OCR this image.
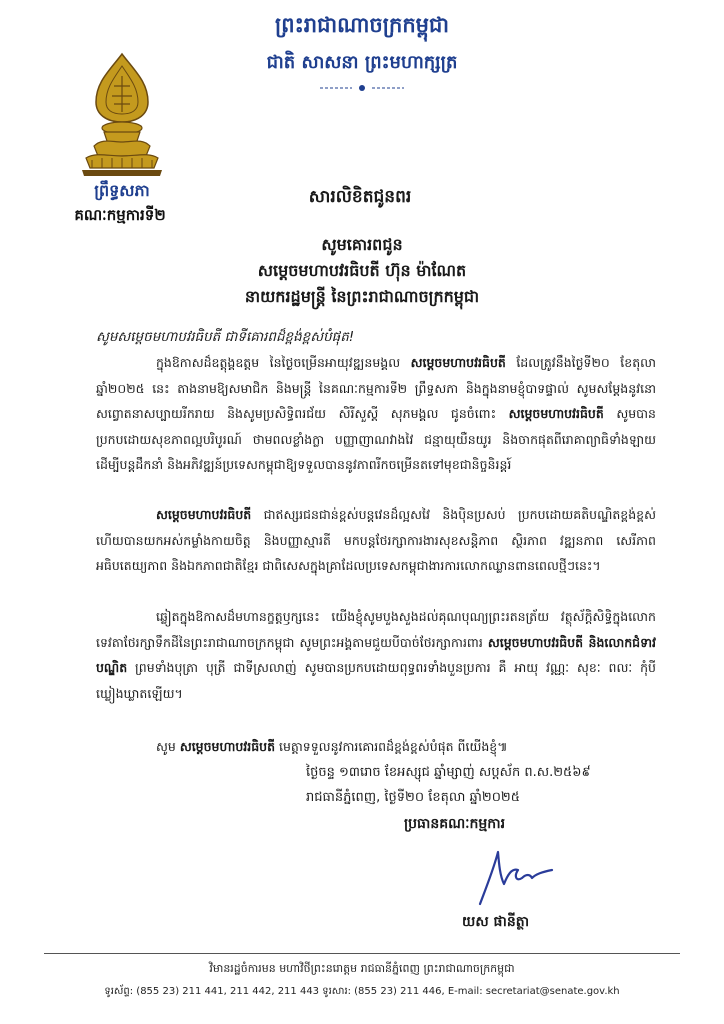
ព្រះរាជាណាចក្រកម្ពុជា
ជាតិ សាសនា ព្រះមហាក្សត្រ
ព្រឹទ្ធសភា
គណៈកម្មការទី២
សារលិខិតជូនពរ
សូមគោរពជូន
សម្ដេចមហាបវរធិបតី ហ៊ុន ម៉ាណែត
នាយករដ្ឋមន្ត្រី នៃព្រះរាជាណាចក្រកម្ពុជា
សូមសម្ដេចមហាបវរធិបតី ជាទីគោរពដ៏ខ្ពង់ខ្ពស់បំផុត!
ក្នុងឱកាសដ៏ឧត្ដុង្គឧត្ដម នៃថ្ងៃចម្រើនអាយុវឌ្ឍនមង្គល សម្ដេចមហាបវរធិបតី ដែលត្រូវនឹងថ្ងៃទី២០ ខែតុលា ឆ្នាំ២០២៥ នេះ តាងនាមឱ្យសមាជិក និងមន្ត្រី នៃគណៈកម្មការទី២ ព្រឹទ្ធសភា និងក្នុងនាមខ្ញុំបាទផ្ទាល់ សូមសម្ដែងនូវនោសព្វោតនាសប្បាយរីករាយ និងសូមប្រសិទ្ធិពរជ័យ សិរីសួស្ដី សុភមង្គល ជូនចំពោះ សម្ដេចមហាបវរធិបតី សូមបានប្រកបដោយសុខភាពល្អបរិបូរណ៍ ថាមពលខ្លាំងក្លា បញ្ញាញាណវាងវៃ ជន្មាយុយឺនយូរ និងចាកផុតពីរោគាព្យាធិទាំងឡាយ ដើម្បីបន្តដឹកនាំ និងអភិវឌ្ឍន៍ប្រទេសកម្ពុជាឱ្យទទួលបាននូវភាពរីកចម្រើនតទៅមុខជានិច្ចនិរន្តរ៍
សម្ដេចមហាបវរធិបតី ជាឥស្សរជនជាន់ខ្ពស់បន្តវេនដ៏ល្អសវៃ និងប៉ិនប្រសប់ ប្រកបដោយគតិបណ្ឌិតខ្ពង់ខ្ពស់ ហើយបានយកអស់កម្លាំងកាយចិត្ត និងបញ្ញាស្មារតី មកបន្តថែរក្សាការងារសុខសន្តិភាព ស្ថិរភាព វឌ្ឍនភាព សេរីភាព អធិបតេយ្យភាព និងឯកភាពជាតិខ្មែរ ជាពិសេសក្នុងគ្រាដែលប្រទេសកម្ពុជាងារការលោកឈ្លានពានពេលថ្មីៗនេះ។
ឆ្លៀតក្នុងឱកាសដ៏មហានក្ខត្តឫក្សនេះ យើងខ្ញុំសូមបួងសួងដល់គុណបុណ្យព្រះរតនត្រ័យ វត្ថុស័ក្ដិសិទ្ធិក្នុងលោក ទេវតាថែរក្សាទឹកដីនៃព្រះរាជាណាចក្រកម្ពុជា សូមព្រះអង្គតាមជួយបីបាច់ថែរក្សាការពារ សម្ដេចមហាបវរធិបតី និងលោកជំទាវបណ្ឌិត ព្រមទាំងបុត្រា បុត្រី ជាទីស្រលាញ់ សូមបានប្រកបដោយពុទ្ធពរទាំងបួនប្រការ គឺ អាយុ វណ្ណៈ សុខៈ ពលៈ កុំបីឃ្លៀងឃ្លាតឡើយ។
សូម សម្ដេចមហាបវរធិបតី មេត្តាទទួលនូវការគោរពដ៏ខ្ពង់ខ្ពស់បំផុត ពីយើងខ្ញុំ៕
ថ្ងៃចន្ទ ១៣រោច ខែអស្សុជ ឆ្នាំម្សាញ់ សប្តស័ក ព.ស.២៥៦៩
រាជធានីភ្នំពេញ, ថ្ងៃទី២០ ខែតុលា ឆ្នាំ២០២៥
ប្រធានគណៈកម្មការ
យស ផានីត្ថា
វិមានរដ្ឋចំការមន មហាវិថីព្រះនរោត្តម រាជធានីភ្នំពេញ ព្រះរាជាណាចក្រកម្ពុជា
ទូរស័ព្ទ: (855 23) 211 441, 211 442, 211 443 ទូរសារ: (855 23) 211 446, E-mail: secretariat@senate.gov.kh
